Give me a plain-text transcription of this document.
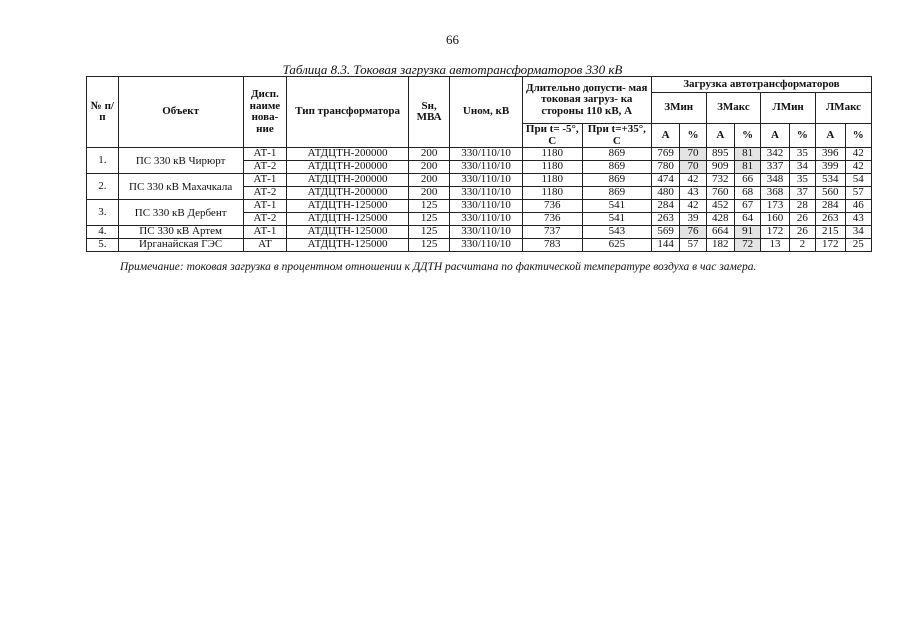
66
Таблица 8.3. Токовая загрузка автотрансформаторов 330 кВ
№ п/п	Объект	Дисп. наиме нова- ние	Тип трансформатора	Sн, МВА	Uном, кВ	Длительно допусти- мая токовая загруз- ка стороны 110 кВ, А		Загрузка автотрансформаторов							
								ЗМин		ЗМакс		ЛМин		ЛМакс	
						При t= -5°, С	При t=+35°, С	А	%	А	%	А	%	А	%
1.	ПС 330 кВ Чирюрт	АТ-1	АТДЦТН-200000	200	330/110/10	1180	869	769	70	895	81	342	35	396	42
		АТ-2	АТДЦТН-200000	200	330/110/10	1180	869	780	70	909	81	337	34	399	42
2.	ПС 330 кВ Махачкала	АТ-1	АТДЦТН-200000	200	330/110/10	1180	869	474	42	732	66	348	35	534	54
		АТ-2	АТДЦТН-200000	200	330/110/10	1180	869	480	43	760	68	368	37	560	57
3.	ПС 330 кВ Дербент	АТ-1	АТДЦТН-125000	125	330/110/10	736	541	284	42	452	67	173	28	284	46
		АТ-2	АТДЦТН-125000	125	330/110/10	736	541	263	39	428	64	160	26	263	43
4.	ПС 330 кВ Артем	АТ-1	АТДЦТН-125000	125	330/110/10	737	543	569	76	664	91	172	26	215	34
5.	Ирганайская ГЭС	АТ	АТДЦТН-125000	125	330/110/10	783	625	144	57	182	72	13	2	172	25
Примечание: токовая загрузка в процентном отношении к ДДТН расчитана по фактической температуре воздуха в час замера.
